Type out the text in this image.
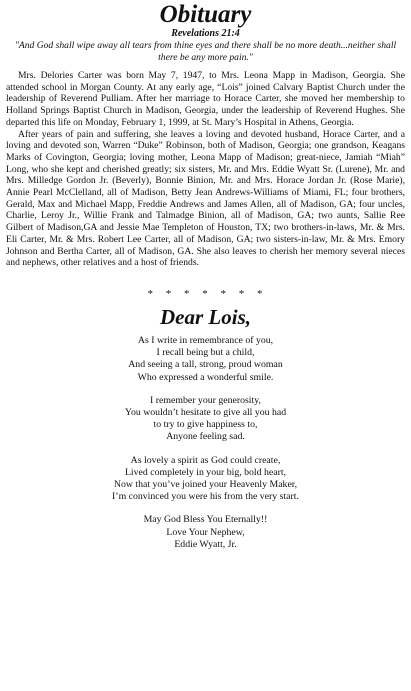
Obituary
Revelations 21:4
"And God shall wipe away all tears from thine eyes and there shall be no more death...neither shall there be any more pain."

Mrs. Delories Carter was born May 7, 1947, to Mrs. Leona Mapp in Madison, Georgia. She attended school in Morgan County. At any early age, “Lois” joined Calvary Baptist Church under the leadership of Reverend Pulliam. After her marriage to Horace Carter, she moved her membership to Holland Springs Baptist Church in Madison, Georgia, under the leadership of Reverend Hughes. She departed this life on Monday, February 1, 1999, at St. Mary’s Hospital in Athens, Georgia.

After years of pain and suffering, she leaves a loving and devoted husband, Horace Carter, and a loving and devoted son, Warren “Duke” Robinson, both of Madison, Georgia; one grandson, Keagans Marks of Covington, Georgia; loving mother, Leona Mapp of Madison; great-niece, Jamiah “Miah” Long, who she kept and cherished greatly; six sisters, Mr. and Mrs. Eddie Wyatt Sr. (Lurene), Mr. and Mrs. Milledge Gordon Jr. (Beverly), Bonnie Binion, Mr. and Mrs. Horace Jordan Jr. (Rose Marie), Annie Pearl McClelland, all of Madison, Betty Jean Andrews-Williams of Miami, FL; four brothers, Gerald, Max and Michael Mapp, Freddie Andrews and James Allen, all of Madison, GA; four uncles, Charlie, Leroy Jr., Willie Frank and Talmadge Binion, all of Madison, GA; two aunts, Sallie Ree Gilbert of Madison,GA and Jessie Mae Templeton of Houston, TX; two brothers-in-laws, Mr. & Mrs. Eli Carter, Mr. & Mrs. Robert Lee Carter, all of Madison, GA; two sisters-in-law, Mr. & Mrs. Emory Johnson and Bertha Carter, all of Madison, GA. She also leaves to cherish her memory several nieces and nephews, other relatives and a host of friends.

* * * * * * *
Dear Lois,
As I write in remembrance of you,
I recall being but a child,
And seeing a tall, strong, proud woman
Who expressed a wonderful smile.
I remember your generosity,
You wouldn’t hesitate to give all you had
to try to give happiness to,
Anyone feeling sad.
As lovely a spirit as God could create,
Lived completely in your big, bold heart,
Now that you’ve joined your Heavenly Maker,
I’m convinced you were his from the very start.
May God Bless You Eternally!!
Love Your Nephew,
Eddie Wyatt, Jr.
